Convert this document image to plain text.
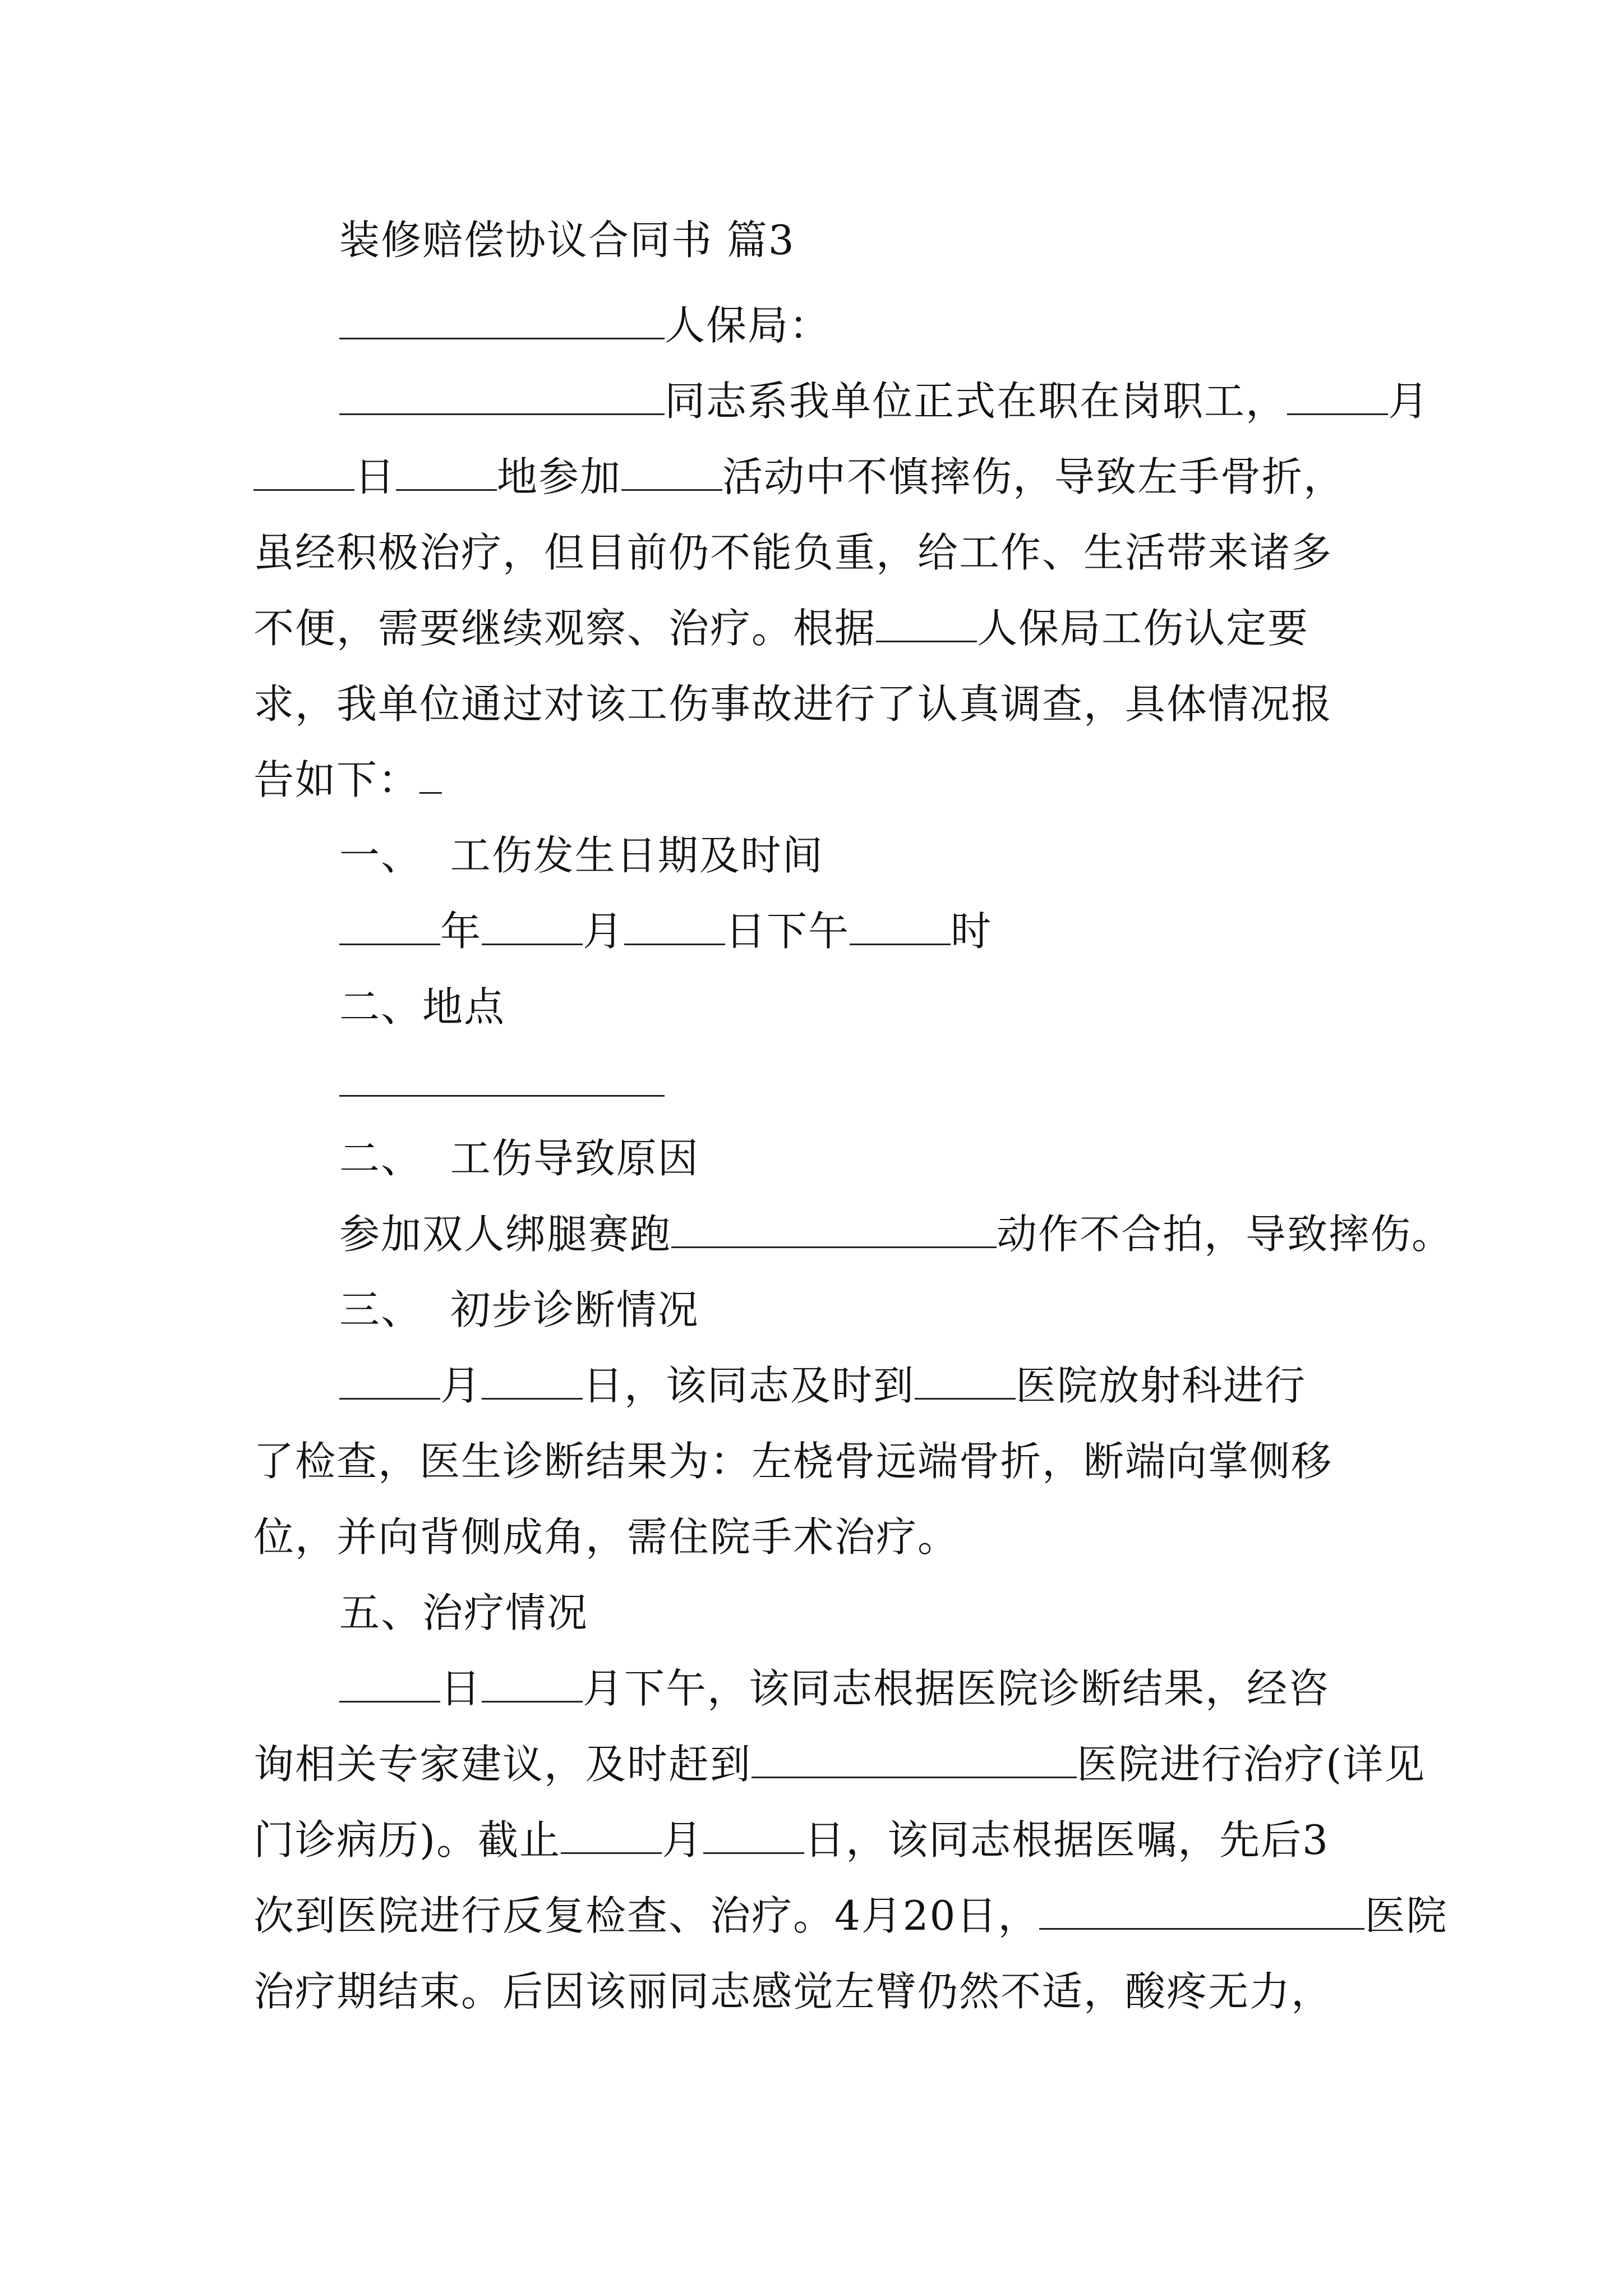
装修赔偿协议合同书 篇3
人保局：
同志系我单位正式在职在岗职工，	月
日	地参加	活动中不慎摔伤，导致左手骨折，
虽经积极治疗，但目前仍不能负重，给工作、生活带来诸多
不便，需要继续观察、治疗。根据	人保局工伤认定要
求，我单位通过对该工伤事故进行了认真调查，具体情况报
告如下：
一、  工伤发生日期及时间
年	月	日下午	时
二、地点
二、  工伤导致原因
参加双人绑腿赛跑	动作不合拍，导致摔伤。
三、  初步诊断情况
月	日，该同志及时到	医院放射科进行
了检查，医生诊断结果为：左桡骨远端骨折，断端向掌侧移
位，并向背侧成角，需住院手术治疗。
五、治疗情况
日	月下午，该同志根据医院诊断结果，经咨
询相关专家建议，及时赶到	医院进行治疗(详见
门诊病历)。截止	月	日，该同志根据医嘱，先后3
次到医院进行反复检查、治疗。4月20日，	医院
治疗期结束。后因该丽同志感觉左臂仍然不适，酸疼无力，
